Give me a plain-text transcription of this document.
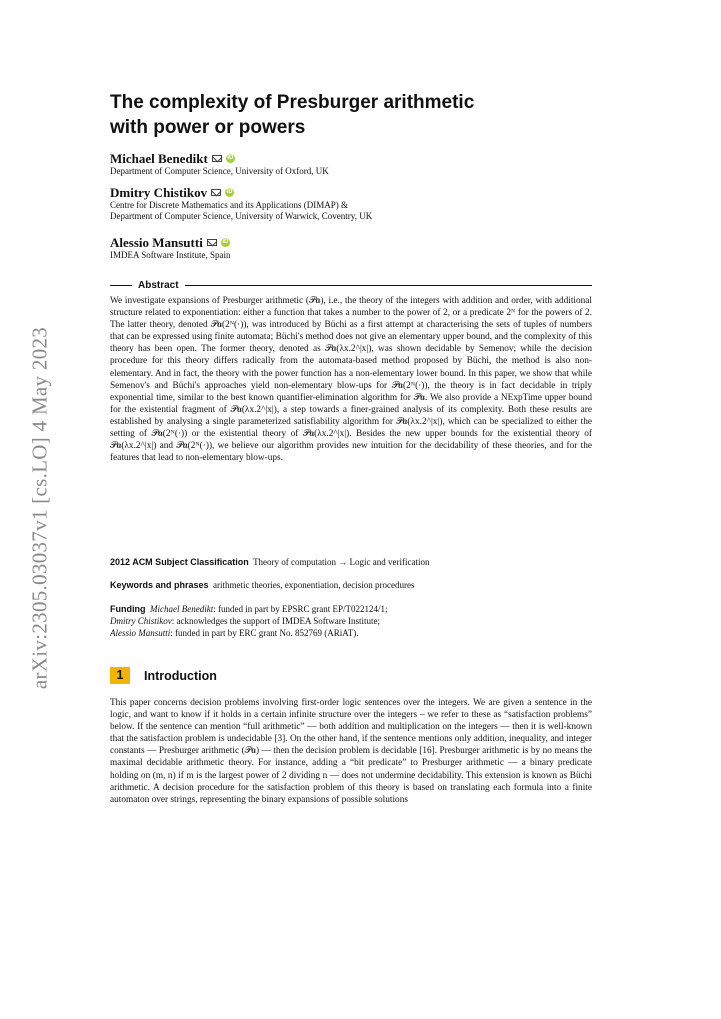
arXiv:2305.03037v1 [cs.LO] 4 May 2023
The complexity of Presburger arithmetic
with power or powers
Michael Benedikt	iD
Department of Computer Science, University of Oxford, UK
Dmitry Chistikov	iD
Centre for Discrete Mathematics and its Applications (DIMAP) &
Department of Computer Science, University of Warwick, Coventry, UK
Alessio Mansutti	iD
IMDEA Software Institute, Spain
Abstract

We investigate expansions of Presburger arithmetic (𝒫𝒂), i.e., the theory of the integers with addition and order, with additional structure related to exponentiation: either a function that takes a number to the power of 2, or a predicate 2ᴺ for the powers of 2. The latter theory, denoted 𝒫𝒂(2ᴺ(·)), was introduced by Büchi as a first attempt at characterising the sets of tuples of numbers that can be expressed using finite automata; Büchi's method does not give an elementary upper bound, and the complexity of this theory has been open. The former theory, denoted as 𝒫𝒂(λx.2^|x|), was shown decidable by Semenov; while the decision procedure for this theory differs radically from the automata-based method proposed by Büchi, the method is also non-elementary. And in fact, the theory with the power function has a non-elementary lower bound. In this paper, we show that while Semenov's and Büchi's approaches yield non-elementary blow-ups for 𝒫𝒂(2ᴺ(·)), the theory is in fact decidable in triply exponential time, similar to the best known quantifier-elimination algorithm for 𝒫𝒂. We also provide a NExpTime upper bound for the existential fragment of 𝒫𝒂(λx.2^|x|), a step towards a finer-grained analysis of its complexity. Both these results are established by analysing a single parameterized satisfiability algorithm for 𝒫𝒂(λx.2^|x|), which can be specialized to either the setting of 𝒫𝒂(2ᴺ(·)) or the existential theory of 𝒫𝒂(λx.2^|x|). Besides the new upper bounds for the existential theory of 𝒫𝒂(λx.2^|x|) and 𝒫𝒂(2ᴺ(·)), we believe our algorithm provides new intuition for the decidability of these theories, and for the features that lead to non-elementary blow-ups.

2012 ACM Subject Classification Theory of computation → Logic and verification

Keywords and phrases arithmetic theories, exponentiation, decision procedures

Funding Michael Benedikt: funded in part by EPSRC grant EP/T022124/1;
Dmitry Chistikov: acknowledges the support of IMDEA Software Institute;
Alessio Mansutti: funded in part by ERC grant No. 852769 (ARiAT).
1	Introduction

This paper concerns decision problems involving first-order logic sentences over the integers. We are given a sentence in the logic, and want to know if it holds in a certain infinite structure over the integers – we refer to these as “satisfaction problems” below. If the sentence can mention “full arithmetic” — both addition and multiplication on the integers — then it is well-known that the satisfaction problem is undecidable [3]. On the other hand, if the sentence mentions only addition, inequality, and integer constants — Presburger arithmetic (𝒫𝒂) — then the decision problem is decidable [16]. Presburger arithmetic is by no means the maximal decidable arithmetic theory. For instance, adding a “bit predicate” to Presburger arithmetic — a binary predicate holding on (m, n) if m is the largest power of 2 dividing n — does not undermine decidability. This extension is known as Büchi arithmetic. A decision procedure for the satisfaction problem of this theory is based on translating each formula into a finite automaton over strings, representing the binary expansions of possible solutions
